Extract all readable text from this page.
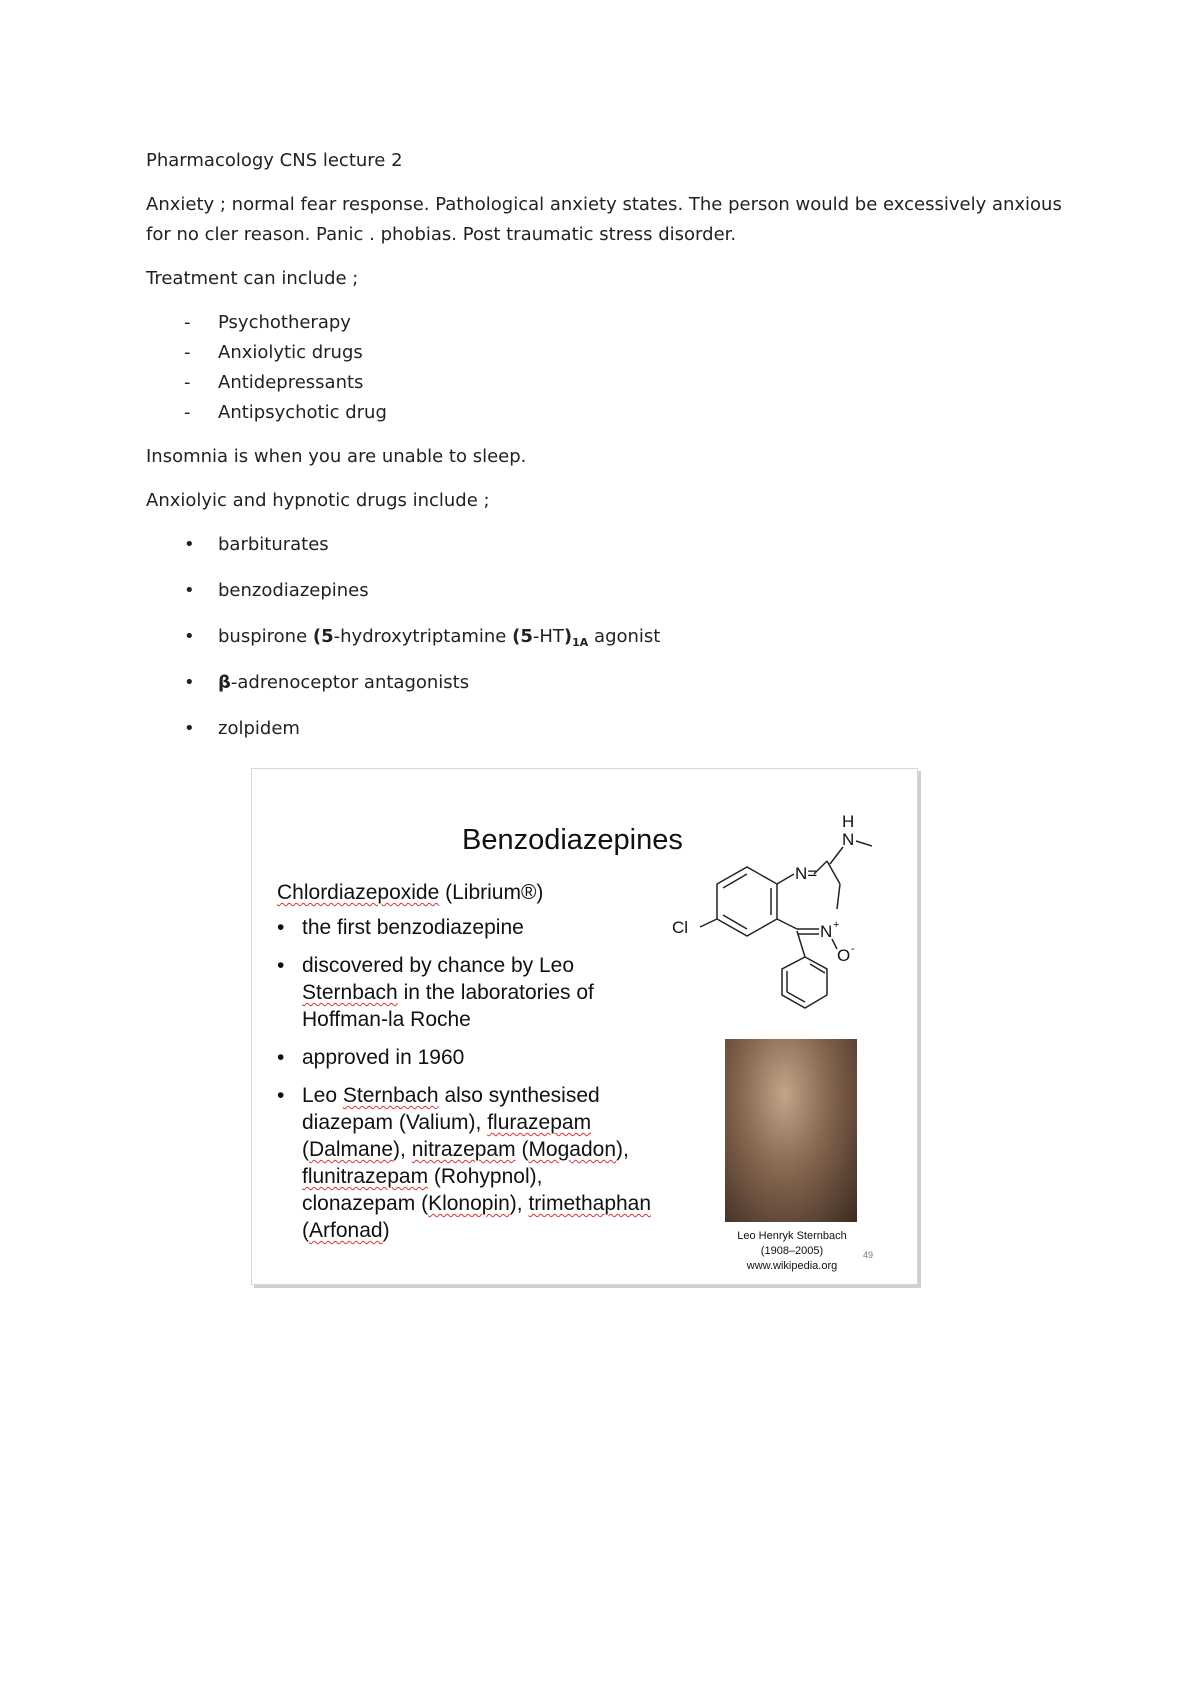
Pharmacology CNS lecture 2

Anxiety ; normal fear response. Pathological anxiety states. The person would be excessively anxious for no cler reason. Panic . phobias. Post traumatic stress disorder.

Treatment can include ;

- Psychotherapy
- Anxiolytic drugs
- Antidepressants
- Antipsychotic drug

Insomnia is when you are unable to sleep.

Anxiolyic and hypnotic drugs include ;

• barbiturates
• benzodiazepines
• buspirone (5-hydroxytriptamine $(5-HT)_{1A}$ agonist
• β-adrenoceptor antagonists
• zolpidem
Benzodiazepines
Chlordiazepoxide (Librium®)
• the first benzodiazepine
• discovered by chance by Leo Sternbach in the laboratories of Hoffman-la Roche
• approved in 1960
• Leo Sternbach also synthesised diazepam (Valium), flurazepam (Dalmane), nitrazepam (Mogadon), flunitrazepam (Rohypnol), clonazepam (Klonopin), trimethaphan (Arfonad)
H
N
N=
Cl	N +
O -
Leo Henryk Sternbach
(1908–2005)
www.wikipedia.org
49
